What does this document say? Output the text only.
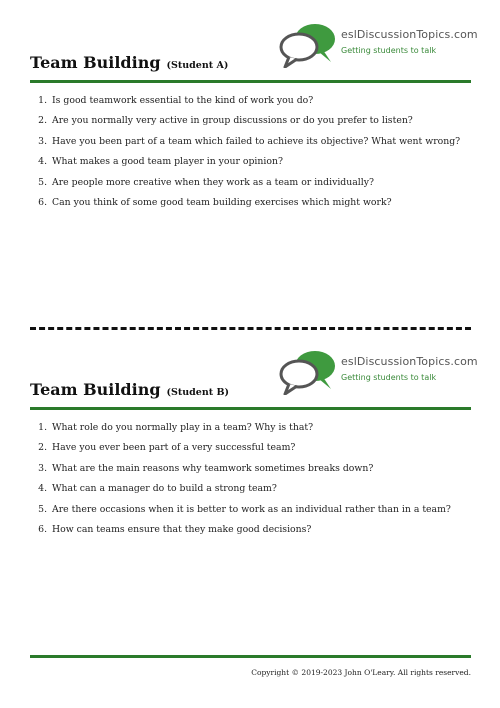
Team Building (Student A)
eslDiscussionTopics.com
Getting students to talk
1. Is good teamwork essential to the kind of work you do?
2. Are you normally very active in group discussions or do you prefer to listen?
3. Have you been part of a team which failed to achieve its objective? What went wrong?
4. What makes a good team player in your opinion?
5. Are people more creative when they work as a team or individually?
6. Can you think of some good team building exercises which might work?
Team Building (Student B)
eslDiscussionTopics.com
Getting students to talk
1. What role do you normally play in a team? Why is that?
2. Have you ever been part of a very successful team?
3. What are the main reasons why teamwork sometimes breaks down?
4. What can a manager do to build a strong team?
5. Are there occasions when it is better to work as an individual rather than in a team?
6. How can teams ensure that they make good decisions?
Copyright © 2019-2023 John O'Leary. All rights reserved.
